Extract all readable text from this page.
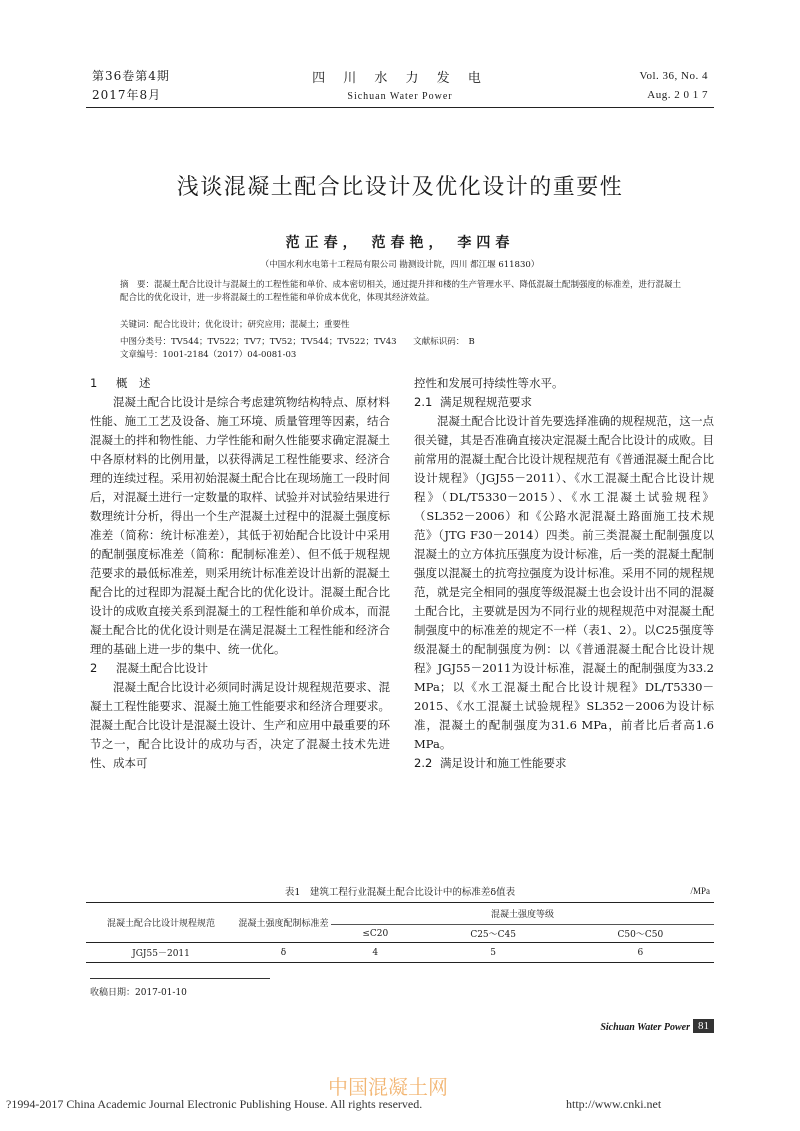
第36卷第4期
2017年8月
四 川 水 力 发 电
Sichuan Water Power
Vol. 36, No. 4
Aug. 2 0 1 7
浅谈混凝土配合比设计及优化设计的重要性
范正春， 范春艳， 李四春
（中国水利水电第十工程局有限公司 勘测设计院，四川 都江堰 611830）
摘　要：混凝土配合比设计与混凝土的工程性能和单价、成本密切相关，通过提升拌和楼的生产管理水平、降低混凝土配制强度的标准差，进行混凝土配合比的优化设计，进一步将混凝土的工程性能和单价成本优化，体现其经济效益。
关键词：配合比设计；优化设计；研究应用；混凝土；重要性
中图分类号：TV544；TV522；TV7；TV52；TV544；TV522；TV43 文献标识码：　B 文章编号：1001-2184（2017）04-0081-03
1 概　述

混凝土配合比设计是综合考虑建筑物结构特点、原材料性能、施工工艺及设备、施工环境、质量管理等因素，结合混凝土的拌和物性能、力学性能和耐久性能要求确定混凝土中各原材料的比例用量，以获得满足工程性能要求、经济合理的连续过程。采用初始混凝土配合比在现场施工一段时间后，对混凝土进行一定数量的取样、试验并对试验结果进行数理统计分析，得出一个生产混凝土过程中的混凝土强度标准差（简称：统计标准差），其低于初始配合比设计中采用的配制强度标准差（简称：配制标准差）、但不低于规程规范要求的最低标准差，则采用统计标准差设计出新的混凝土配合比的过程即为混凝土配合比的优化设计。混凝土配合比设计的成败直接关系到混凝土的工程性能和单价成本，而混凝土配合比的优化设计则是在满足混凝土工程性能和经济合理的基础上进一步的集中、统一优化。

2 混凝土配合比设计

混凝土配合比设计必须同时满足设计规程规范要求、混凝土工程性能要求、混凝土施工性能要求和经济合理要求。混凝土配合比设计是混凝土设计、生产和应用中最重要的环节之一，配合比设计的成功与否，决定了混凝土技术先进性、成本可

控性和发展可持续性等水平。

2.1 满足规程规范要求

混凝土配合比设计首先要选择准确的规程规范，这一点很关键，其是否准确直接决定混凝土配合比设计的成败。目前常用的混凝土配合比设计规程规范有《普通混凝土配合比设计规程》（JGJ55－2011）、《水工混凝土配合比设计规程》（DL/T5330－2015）、《水工混凝土试验规程》（SL352－2006）和《公路水泥混凝土路面施工技术规范》（JTG F30－2014）四类。前三类混凝土配制强度以混凝土的立方体抗压强度为设计标准，后一类的混凝土配制强度以混凝土的抗弯拉强度为设计标准。采用不同的规程规范，就是完全相同的强度等级混凝土也会设计出不同的混凝土配合比，主要就是因为不同行业的规程规范中对混凝土配制强度中的标准差的规定不一样（表1、2）。以C25强度等级混凝土的配制强度为例：以《普通混凝土配合比设计规程》JGJ55－2011为设计标准，混凝土的配制强度为33.2 MPa；以《水工混凝土配合比设计规程》DL/T5330－2015、《水工混凝土试验规程》SL352－2006为设计标准，混凝土的配制强度为31.6 MPa，前者比后者高1.6 MPa。

2.2 满足设计和施工性能要求
表1　建筑工程行业混凝土配合比设计中的标准差δ值表	/MPa
混凝土配合比设计规程规范	混凝土强度配制标准差	混凝土强度等级		
		≤C20	C25～C45	C50～C50
JGJ55－2011	δ	4	5	6
收稿日期：2017-01-10
Sichuan Water Power 81
中国混凝土网
?1994-2017 China Academic Journal Electronic Publishing House. All rights reserved.	http://www.cnki.net
